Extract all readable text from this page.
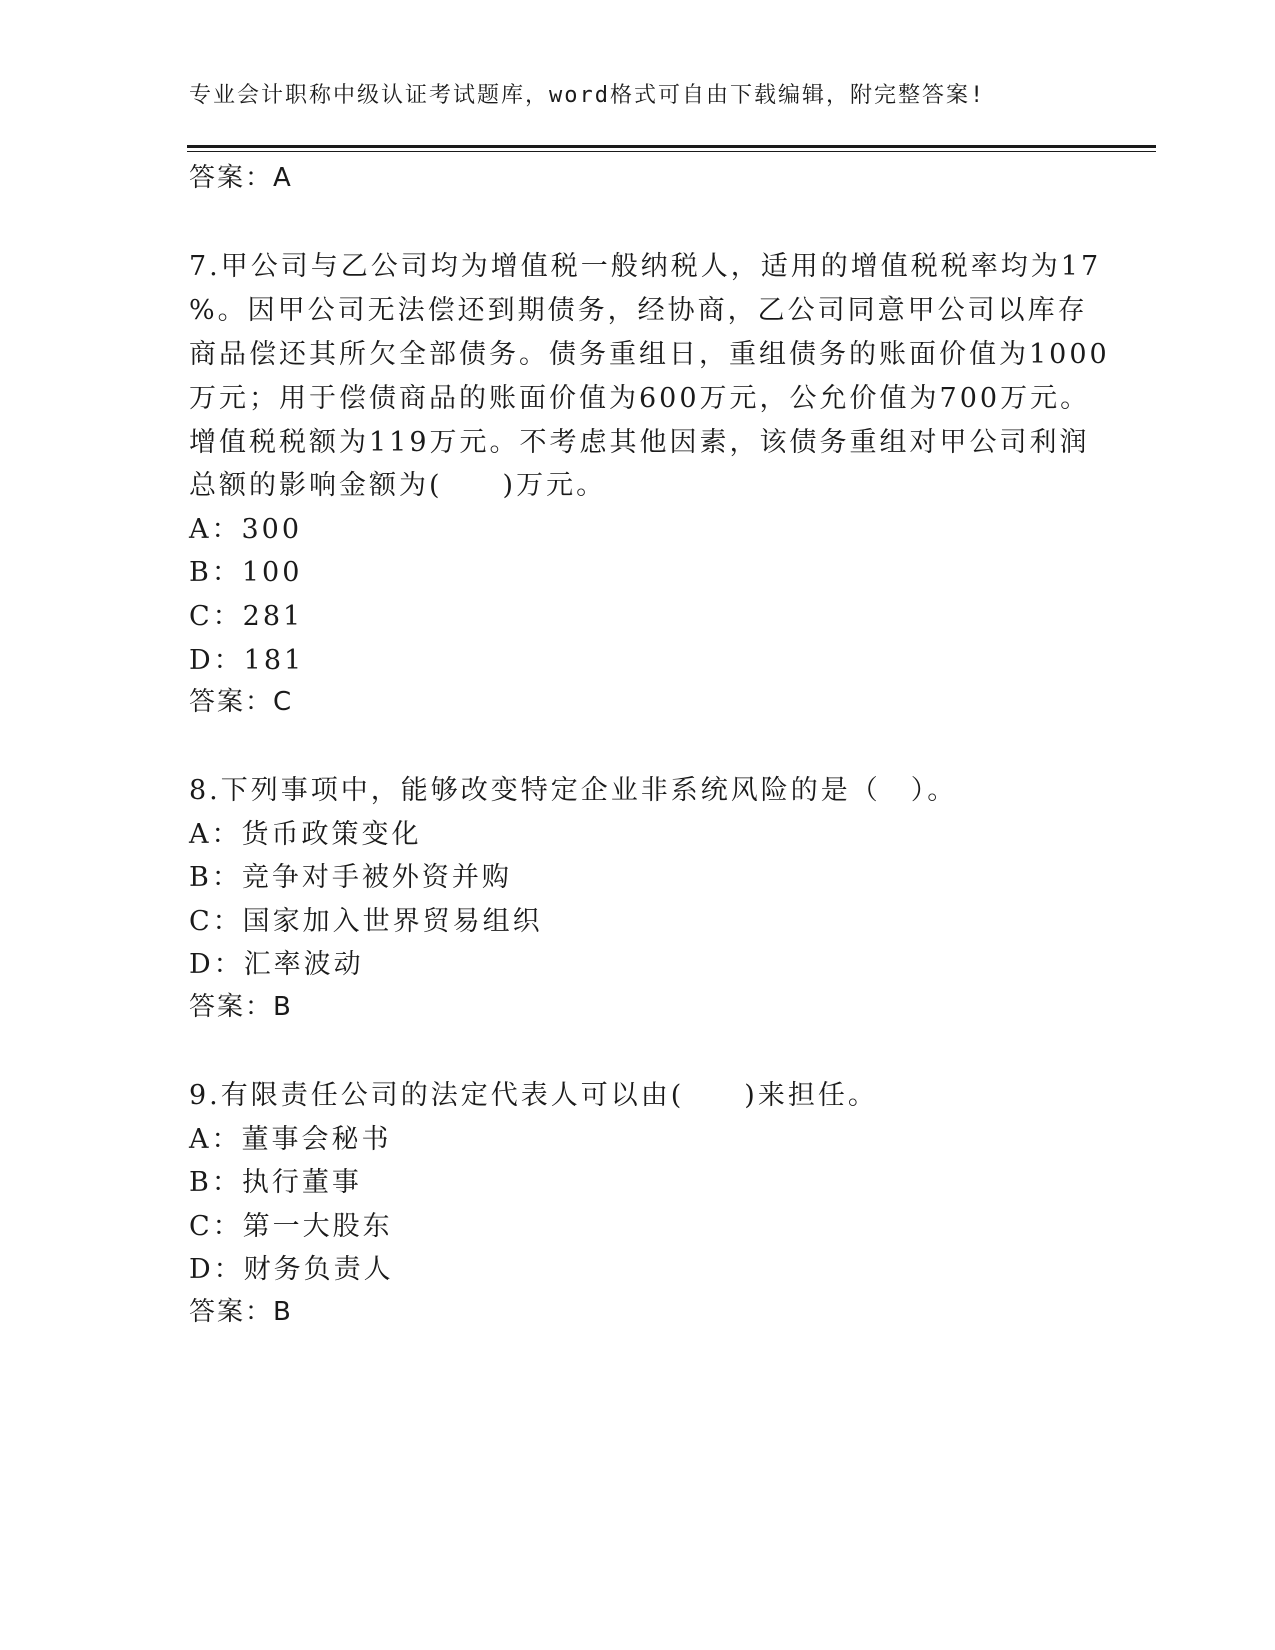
专业会计职称中级认证考试题库，word格式可自由下载编辑，附完整答案!
答案：A
7.甲公司与乙公司均为增值税一般纳税人，适用的增值税税率均为17
%。因甲公司无法偿还到期债务，经协商，乙公司同意甲公司以库存
商品偿还其所欠全部债务。债务重组日，重组债务的账面价值为1000
万元；用于偿债商品的账面价值为600万元，公允价值为700万元。
增值税税额为119万元。不考虑其他因素，该债务重组对甲公司利润
总额的影响金额为(　　)万元。
A：300
B：100
C：281
D：181
答案：C
8.下列事项中，能够改变特定企业非系统风险的是（　）。
A：货币政策变化
B：竞争对手被外资并购
C：国家加入世界贸易组织
D：汇率波动
答案：B
9.有限责任公司的法定代表人可以由(　　)来担任。
A：董事会秘书
B：执行董事
C：第一大股东
D：财务负责人
答案：B
